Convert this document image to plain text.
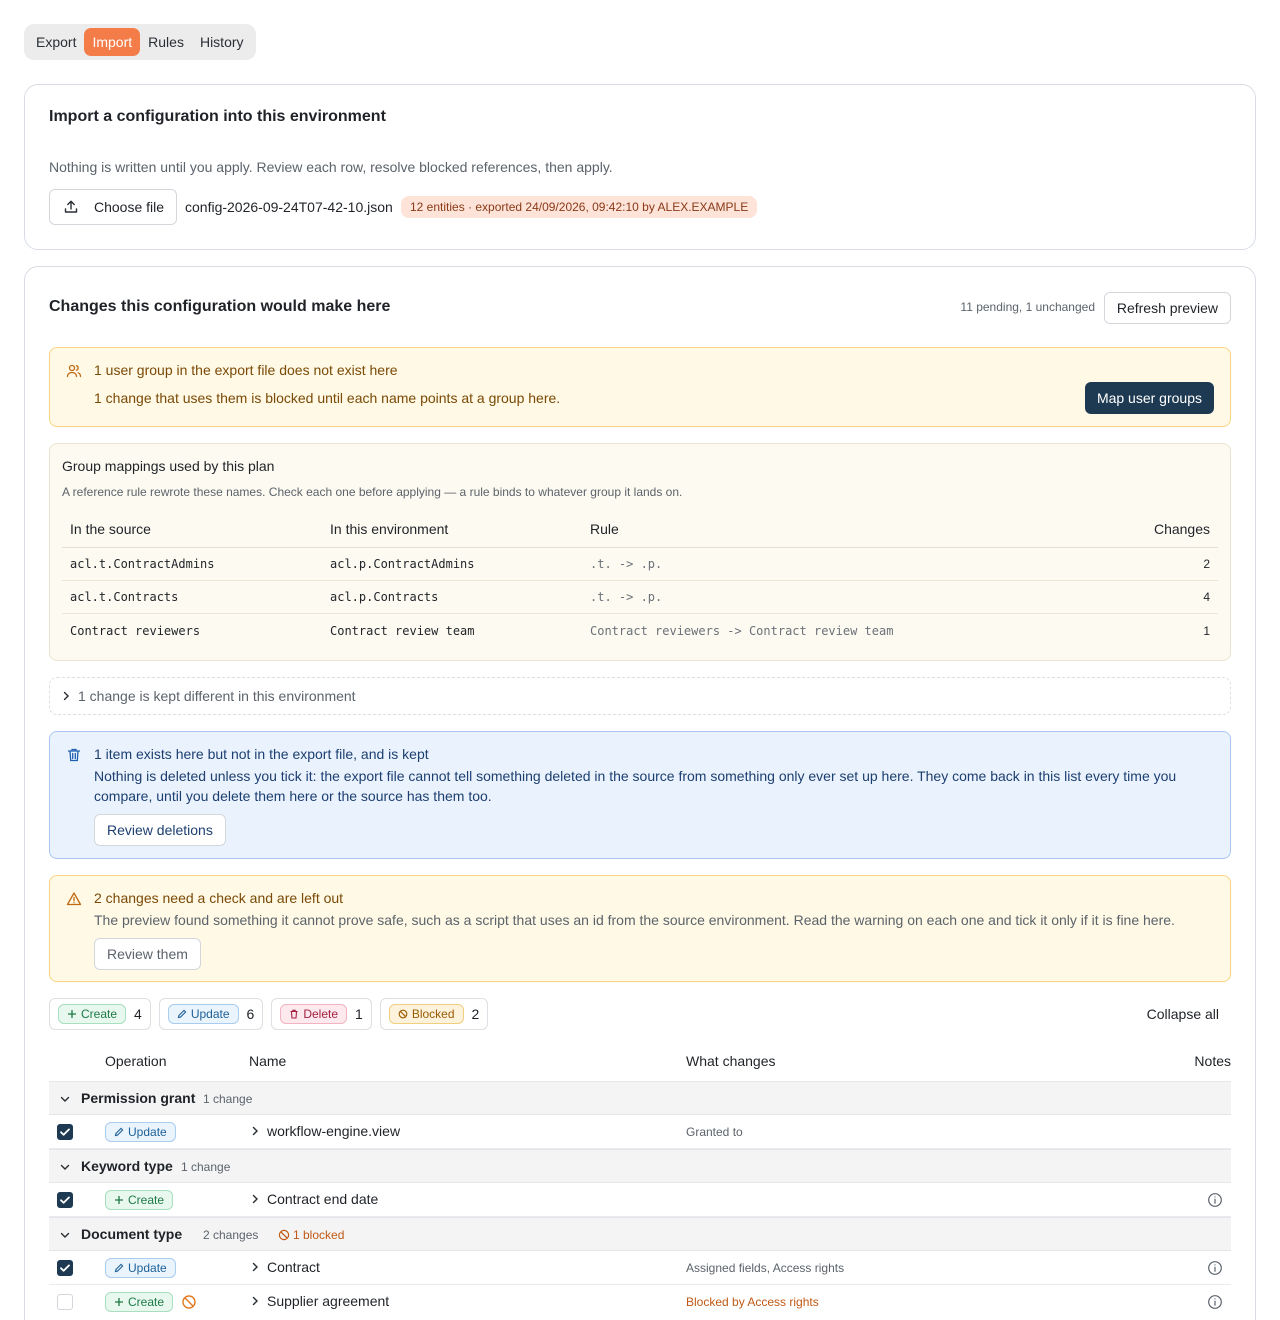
Export	Import	Rules	History
Import a configuration into this environment
Nothing is written until you apply. Review each row, resolve blocked references, then apply.
Choose file config-2026-09-24T07-42-10.json	12 entities · exported 24/09/2026, 09:42:10 by ALEX.EXAMPLE
Changes this configuration would make here	11 pending, 1 unchanged	Refresh preview
1 user group in the export file does not exist here
1 change that uses them is blocked until each name points at a group here.	Map user groups
Group mappings used by this plan
A reference rule rewrote these names. Check each one before applying — a rule binds to whatever group it lands on.
In the source	In this environment	Rule	Changes
acl.t.ContractAdmins	acl.p.ContractAdmins	.t. -> .p.	2
acl.t.Contracts	acl.p.Contracts	.t. -> .p.	4
Contract reviewers	Contract review team	Contract reviewers -> Contract review team	1
1 change is kept different in this environment
1 item exists here but not in the export file, and is kept
Nothing is deleted unless you tick it: the export file cannot tell something deleted in the source from something only ever set up here. They come back in this list every time you compare, until you delete them here or the source has them too.
Review deletions
2 changes need a check and are left out
The preview found something it cannot prove safe, such as a script that uses an id from the source environment. Read the warning on each one and tick it only if it is fine here.
Review them
Create 4	Update 6	Delete 1	Blocked 2	Collapse all
Operation	Name	What changes	Notes
Permission grant 1 change
Update	workflow-engine.view	Granted to
Keyword type 1 change
Create	Contract end date
Document type 2 changes	1 blocked
Update	Contract	Assigned fields, Access rights
Create	Supplier agreement	Blocked by Access rights
